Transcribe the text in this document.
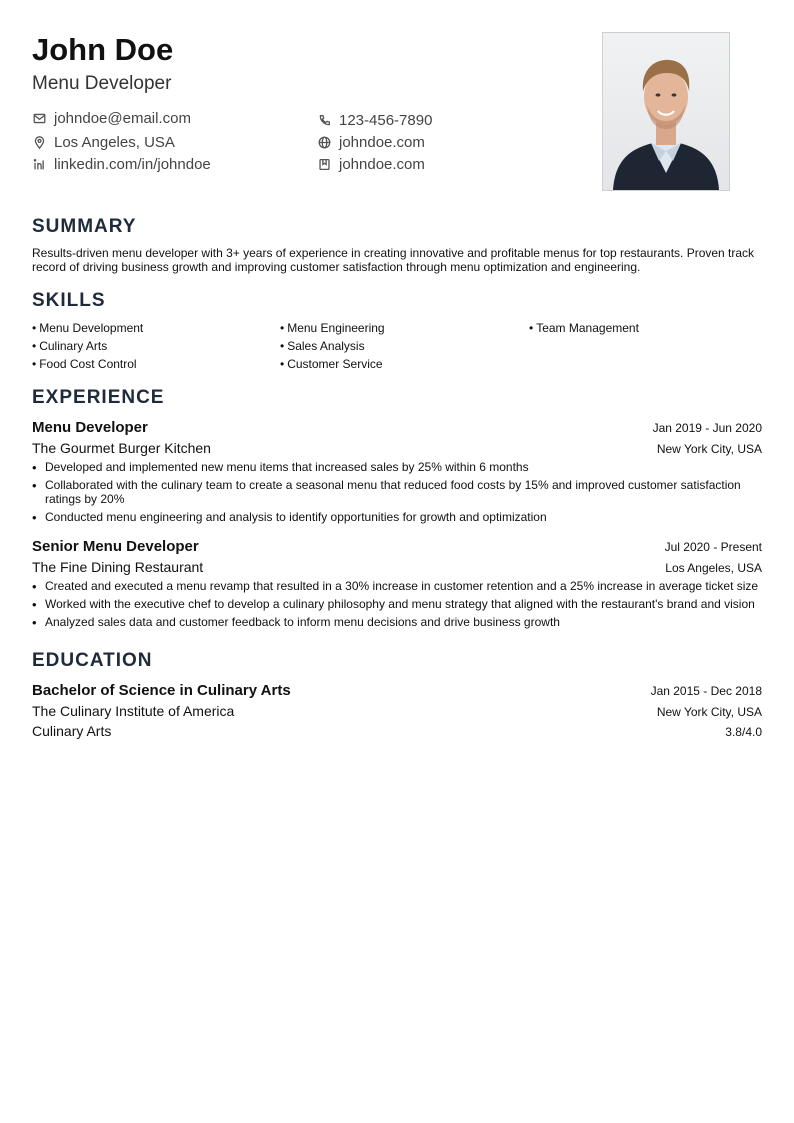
John Doe
Menu Developer
johndoe@email.com	123-456-7890
Los Angeles, USA	johndoe.com
linkedin.com/in/johndoe	johndoe.com
SUMMARY
Results-driven menu developer with 3+ years of experience in creating innovative and profitable menus for top restaurants. Proven track record of driving business growth and improving customer satisfaction through menu optimization and engineering.
SKILLS
• Menu Development	• Menu Engineering	• Team Management
• Culinary Arts	• Sales Analysis
• Food Cost Control	• Customer Service
EXPERIENCE
Menu Developer	Jan 2019 - Jun 2020
The Gourmet Burger Kitchen	New York City, USA
• Developed and implemented new menu items that increased sales by 25% within 6 months
• Collaborated with the culinary team to create a seasonal menu that reduced food costs by 15% and improved customer satisfaction ratings by 20%
• Conducted menu engineering and analysis to identify opportunities for growth and optimization
Senior Menu Developer	Jul 2020 - Present
The Fine Dining Restaurant	Los Angeles, USA
• Created and executed a menu revamp that resulted in a 30% increase in customer retention and a 25% increase in average ticket size
• Worked with the executive chef to develop a culinary philosophy and menu strategy that aligned with the restaurant's brand and vision
• Analyzed sales data and customer feedback to inform menu decisions and drive business growth
EDUCATION
Bachelor of Science in Culinary Arts	Jan 2015 - Dec 2018
The Culinary Institute of America	New York City, USA
Culinary Arts	3.8/4.0
